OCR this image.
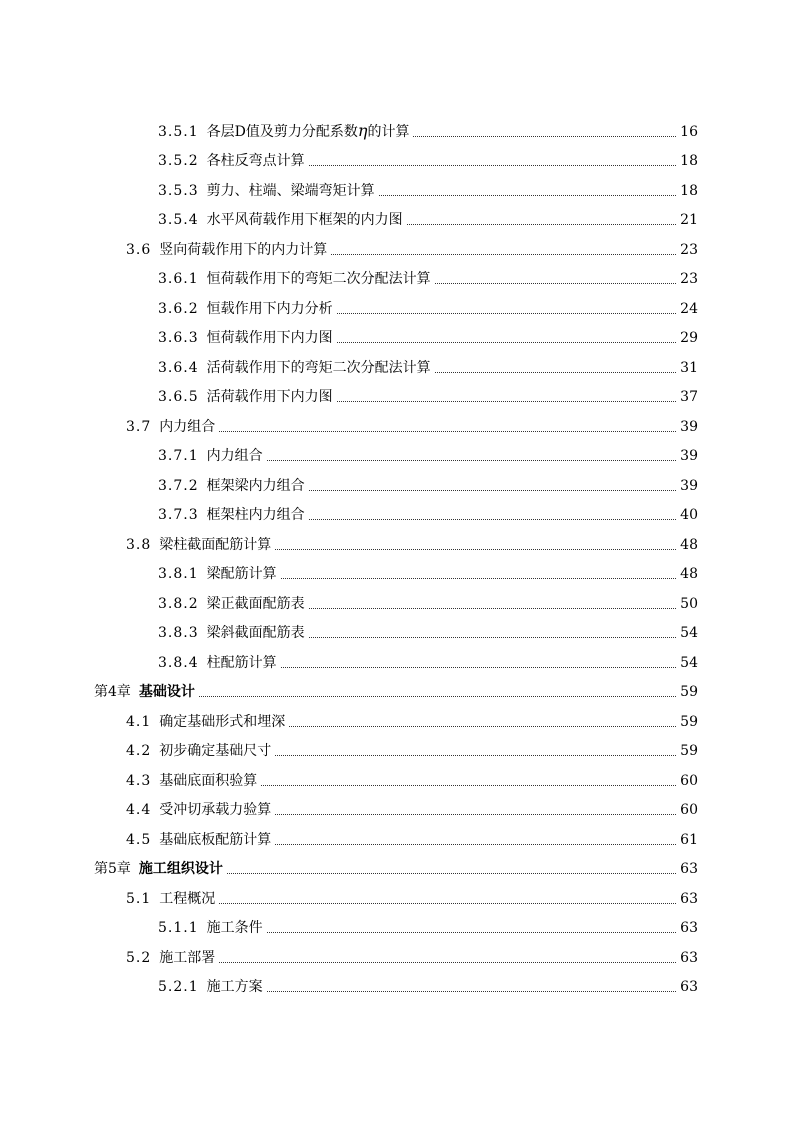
3.5.1 各层D值及剪力分配系数η的计算	16
3.5.2 各柱反弯点计算	18
3.5.3 剪力、柱端、梁端弯矩计算	18
3.5.4 水平风荷载作用下框架的内力图	21
3.6 竖向荷载作用下的内力计算	23
3.6.1 恒荷载作用下的弯矩二次分配法计算	23
3.6.2 恒载作用下内力分析	24
3.6.3 恒荷载作用下内力图	29
3.6.4 活荷载作用下的弯矩二次分配法计算	31
3.6.5 活荷载作用下内力图	37
3.7 内力组合	39
3.7.1 内力组合	39
3.7.2 框架梁内力组合	39
3.7.3 框架柱内力组合	40
3.8 梁柱截面配筋计算	48
3.8.1 梁配筋计算	48
3.8.2 梁正截面配筋表	50
3.8.3 梁斜截面配筋表	54
3.8.4 柱配筋计算	54
第4章 基础设计	59
4.1 确定基础形式和埋深	59
4.2 初步确定基础尺寸	59
4.3 基础底面积验算	60
4.4 受冲切承载力验算	60
4.5 基础底板配筋计算	61
第5章 施工组织设计	63
5.1 工程概况	63
5.1.1 施工条件	63
5.2 施工部署	63
5.2.1 施工方案	63
